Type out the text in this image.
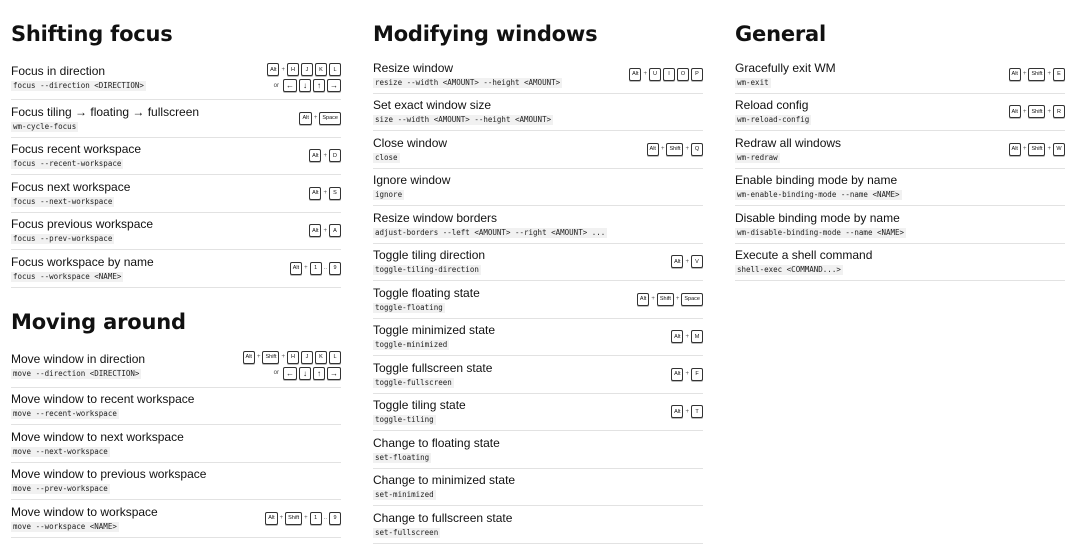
Shifting focus
Focus in direction
focus --direction <DIRECTION>
Alt +	H	J	K	L
or ←	↓	↑	→
Focus tiling → floating → fullscreen
wm-cycle-focus
Alt + Space
Focus recent workspace
focus --recent-workspace
Alt +	D
Focus next workspace
focus --next-workspace
Alt +	S
Focus previous workspace
focus --prev-workspace
Alt +	A
Focus workspace by name
focus --workspace <NAME>
Alt +	1	..	9
Moving around
Move window in direction
move --direction <DIRECTION>
Alt + Shift +	H	J	K	L
or ←	↓	↑	→
Move window to recent workspace
move --recent-workspace
Move window to next workspace
move --next-workspace
Move window to previous workspace
move --prev-workspace
Move window to workspace
move --workspace <NAME>
Alt + Shift +	1	..	9
Modifying windows
Resize window
resize --width <AMOUNT> --height <AMOUNT>
Alt +	U	I	O	P
Set exact window size
size --width <AMOUNT> --height <AMOUNT>
Close window
close
Alt + Shift +	Q
Ignore window
ignore
Resize window borders
adjust-borders --left <AMOUNT> --right <AMOUNT> ...
Toggle tiling direction
toggle-tiling-direction
Alt +	V
Toggle floating state
toggle-floating
Alt + Shift + Space
Toggle minimized state
toggle-minimized
Alt +	M
Toggle fullscreen state
toggle-fullscreen
Alt +	F
Toggle tiling state
toggle-tiling
Alt +	T
Change to floating state
set-floating
Change to minimized state
set-minimized
Change to fullscreen state
set-fullscreen
General
Gracefully exit WM
wm-exit
Alt + Shift +	E
Reload config
wm-reload-config
Alt + Shift +	R
Redraw all windows
wm-redraw
Alt + Shift + W
Enable binding mode by name
wm-enable-binding-mode --name <NAME>
Disable binding mode by name
wm-disable-binding-mode --name <NAME>
Execute a shell command
shell-exec <COMMAND...>
